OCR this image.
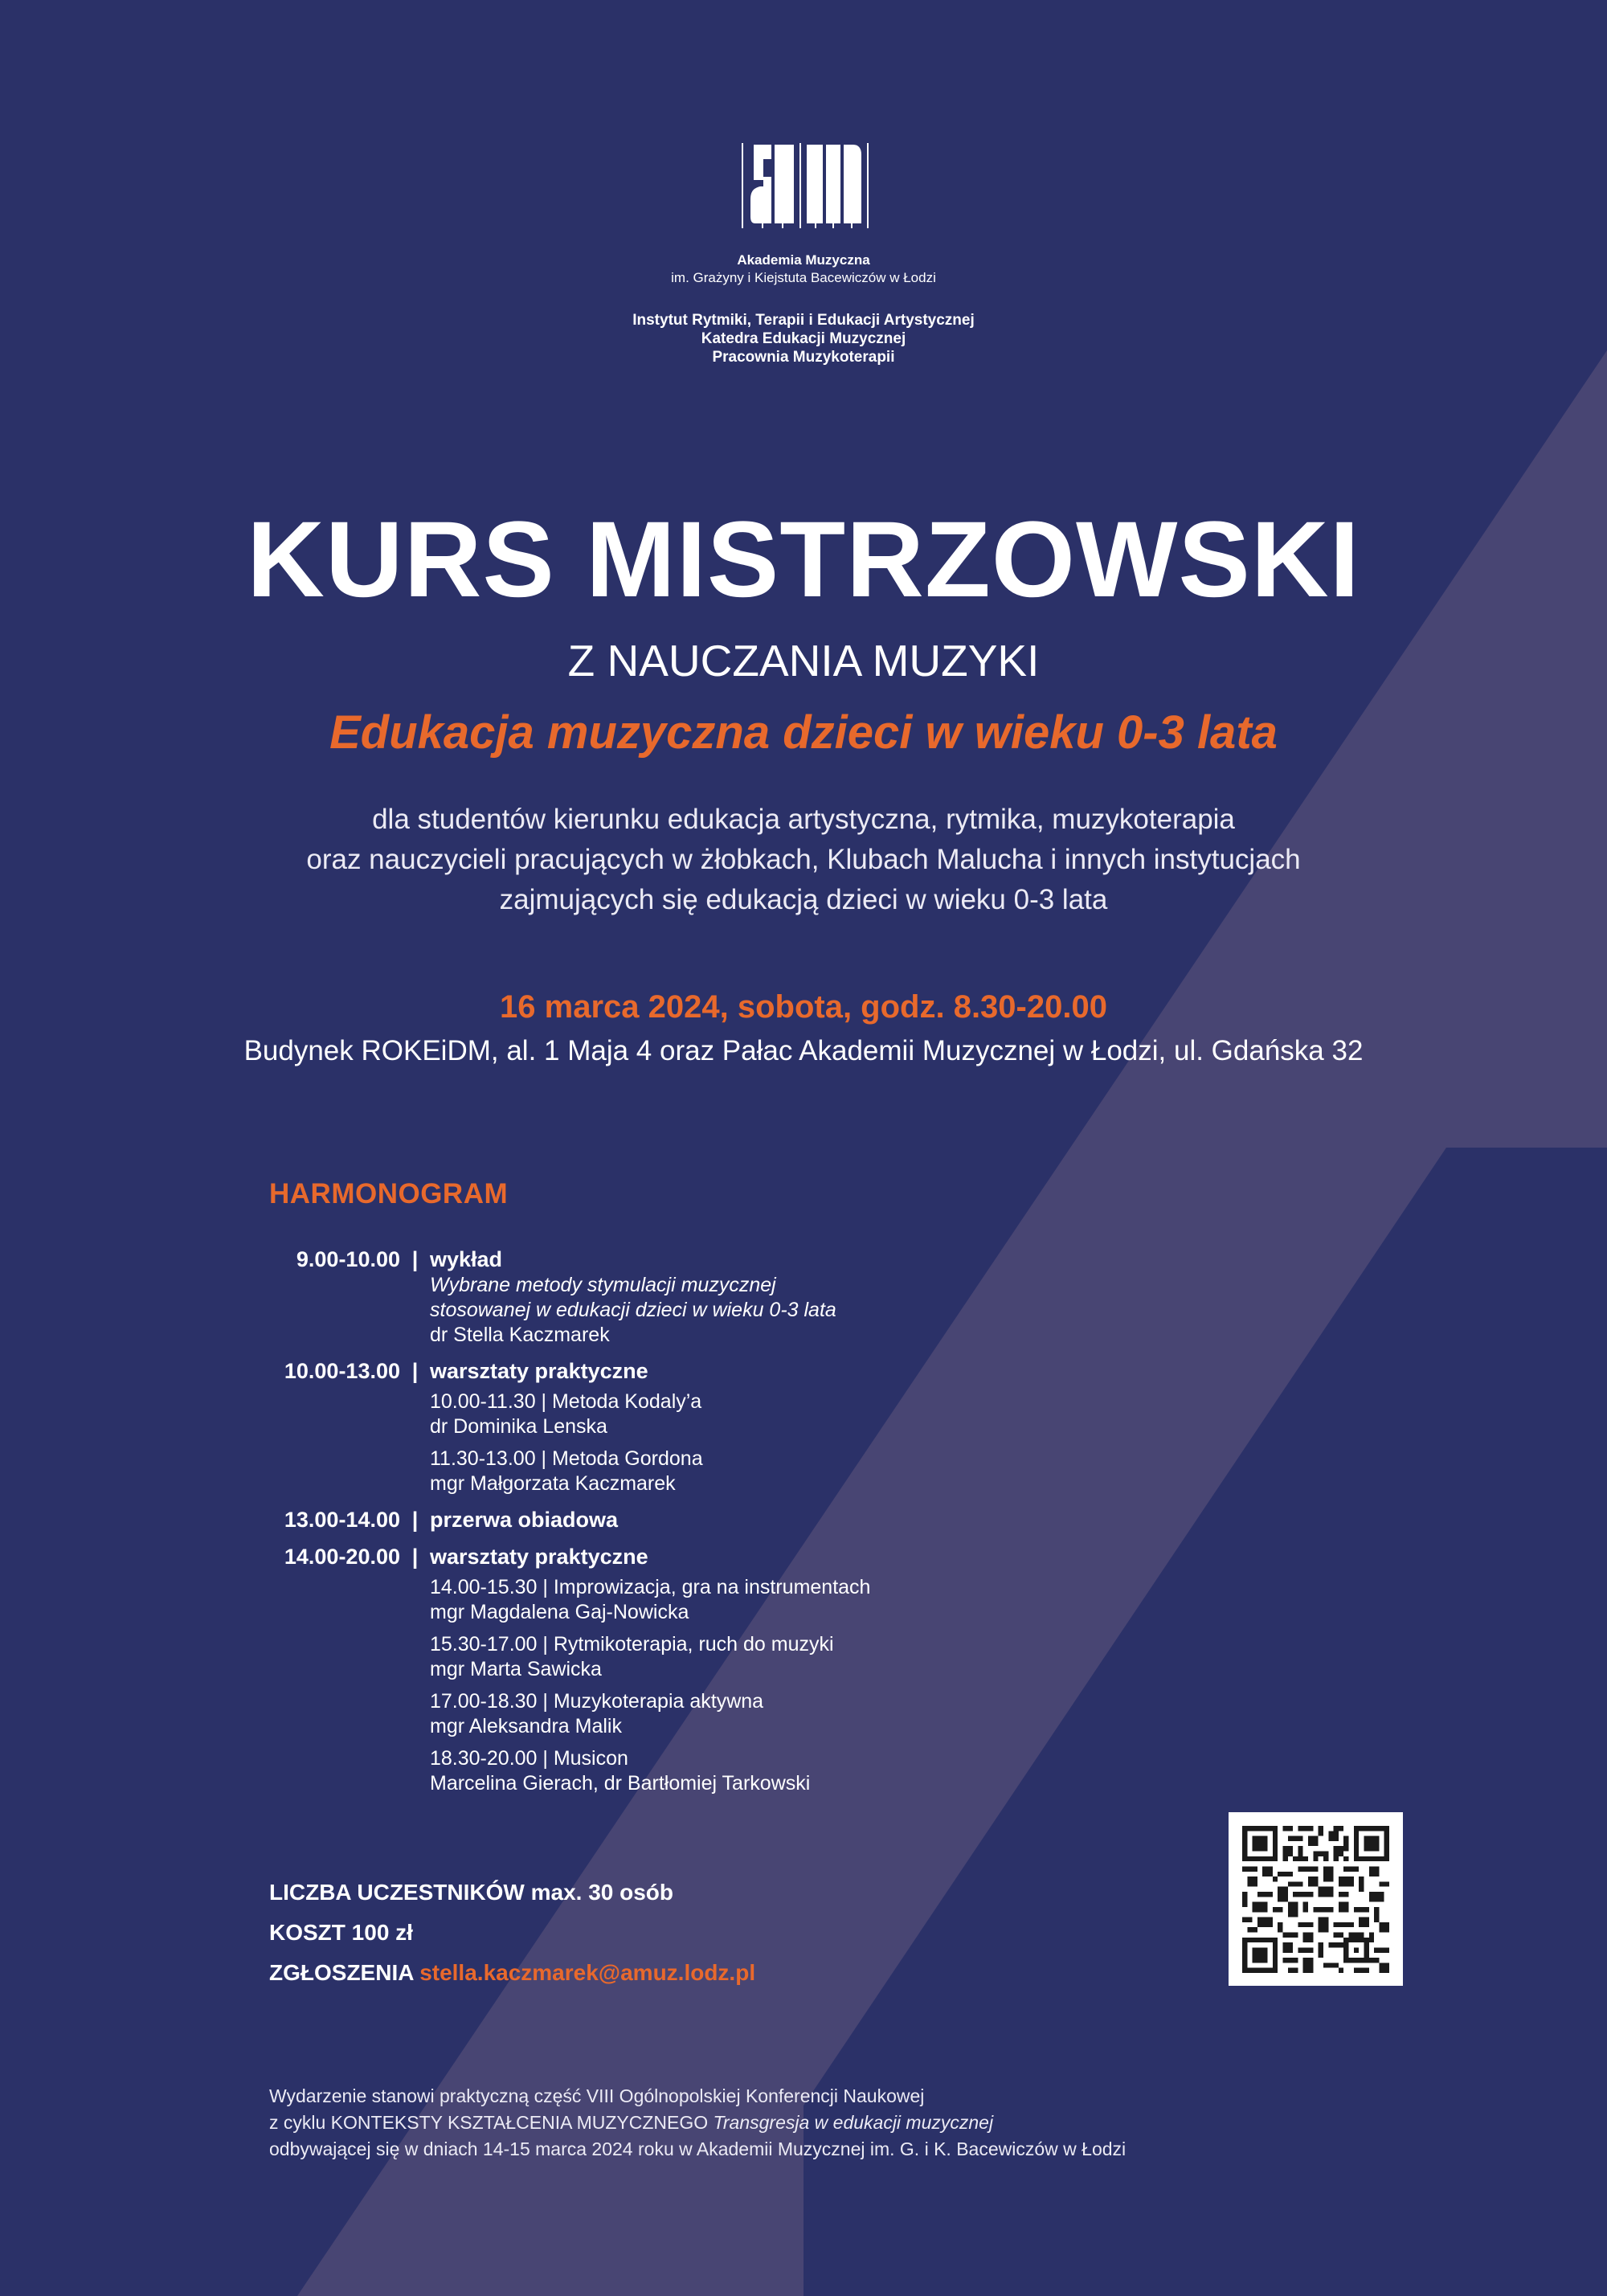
Akademia Muzyczna
im. Grażyny i Kiejstuta Bacewiczów w Łodzi
Instytut Rytmiki, Terapii i Edukacji Artystycznej
Katedra Edukacji Muzycznej
Pracownia Muzykoterapii
KURS MISTRZOWSKI
Z NAUCZANIA MUZYKI
Edukacja muzyczna dzieci w wieku 0-3 lata
dla studentów kierunku edukacja artystyczna, rytmika, muzykoterapia
oraz nauczycieli pracujących w żłobkach, Klubach Malucha i innych instytucjach
zajmujących się edukacją dzieci w wieku 0-3 lata
16 marca 2024, sobota, godz. 8.30-20.00
Budynek ROKEiDM, al. 1 Maja 4 oraz Pałac Akademii Muzycznej w Łodzi, ul. Gdańska 32
HARMONOGRAM
9.00-10.00 | wykład
Wybrane metody stymulacji muzycznej
stosowanej w edukacji dzieci w wieku 0-3 lata
dr Stella Kaczmarek
10.00-13.00 | warsztaty praktyczne
10.00-11.30 | Metoda Kodaly’a
dr Dominika Lenska
11.30-13.00 | Metoda Gordona
mgr Małgorzata Kaczmarek
13.00-14.00 | przerwa obiadowa
14.00-20.00 | warsztaty praktyczne
14.00-15.30 | Improwizacja, gra na instrumentach
mgr Magdalena Gaj-Nowicka
15.30-17.00 | Rytmikoterapia, ruch do muzyki
mgr Marta Sawicka
17.00-18.30 | Muzykoterapia aktywna
mgr Aleksandra Malik
18.30-20.00 | Musicon
Marcelina Gierach, dr Bartłomiej Tarkowski
LICZBA UCZESTNIKÓW max. 30 osób
KOSZT 100 zł
ZGŁOSZENIA stella.kaczmarek@amuz.lodz.pl
Wydarzenie stanowi praktyczną część VIII Ogólnopolskiej Konferencji Naukowej
z cyklu KONTEKSTY KSZTAŁCENIA MUZYCZNEGO Transgresja w edukacji muzycznej
odbywającej się w dniach 14-15 marca 2024 roku w Akademii Muzycznej im. G. i K. Bacewiczów w Łodzi
